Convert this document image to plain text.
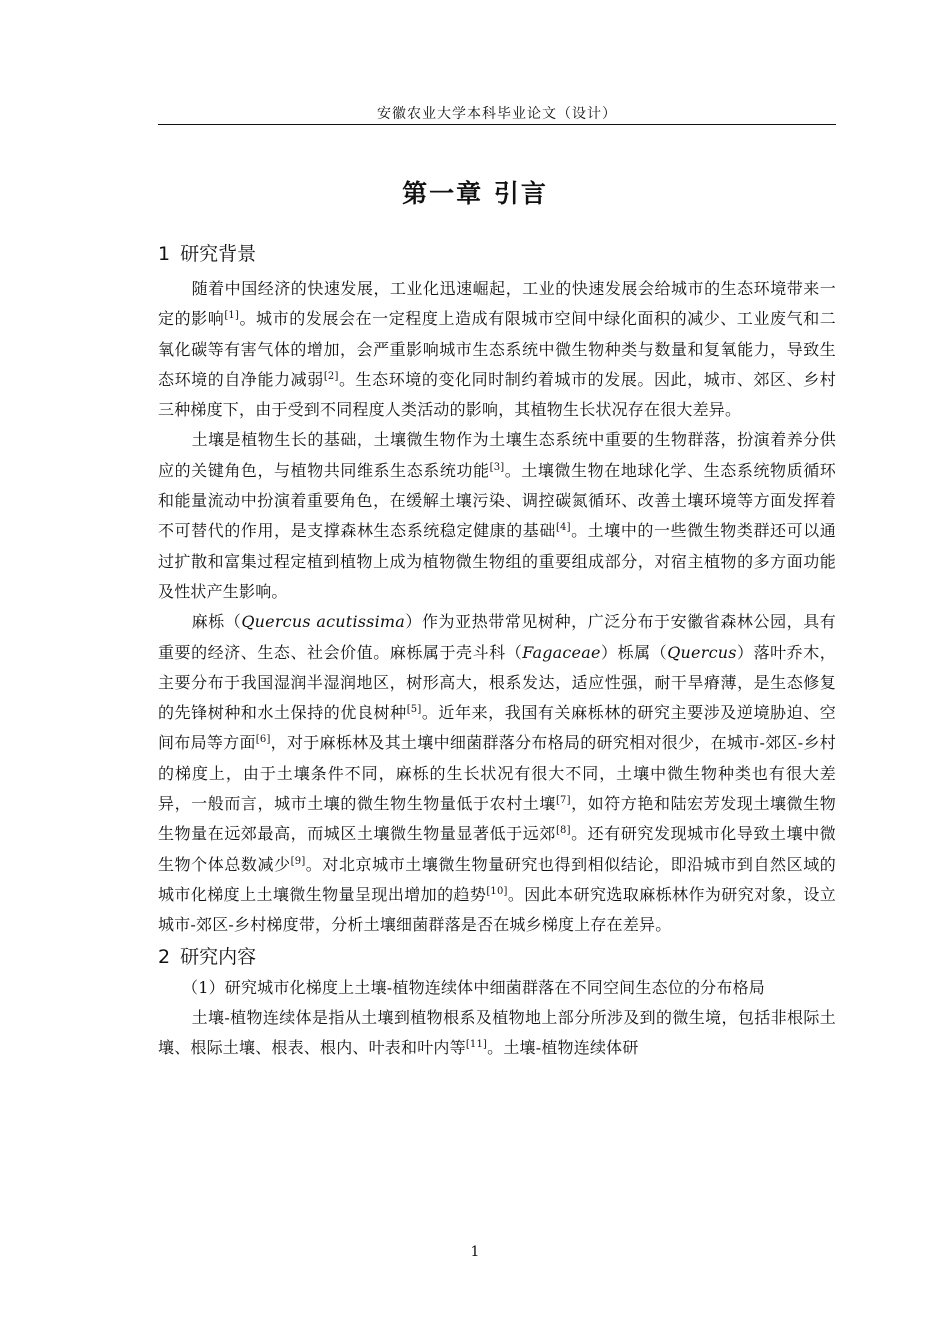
安徽农业大学本科毕业论文（设计）
第一章 引言
1 研究背景

随着中国经济的快速发展，工业化迅速崛起，工业的快速发展会给城市的生态环境带来一定的影响[1]。城市的发展会在一定程度上造成有限城市空间中绿化面积的减少、工业废气和二氧化碳等有害气体的增加，会严重影响城市生态系统中微生物种类与数量和复氧能力，导致生态环境的自净能力减弱[2]。生态环境的变化同时制约着城市的发展。因此，城市、郊区、乡村三种梯度下，由于受到不同程度人类活动的影响，其植物生长状况存在很大差异。

土壤是植物生长的基础，土壤微生物作为土壤生态系统中重要的生物群落，扮演着养分供应的关键角色，与植物共同维系生态系统功能[3]。土壤微生物在地球化学、生态系统物质循环和能量流动中扮演着重要角色，在缓解土壤污染、调控碳氮循环、改善土壤环境等方面发挥着不可替代的作用，是支撑森林生态系统稳定健康的基础[4]。土壤中的一些微生物类群还可以通过扩散和富集过程定植到植物上成为植物微生物组的重要组成部分，对宿主植物的多方面功能及性状产生影响。

麻栎（Quercus acutissima）作为亚热带常见树种，广泛分布于安徽省森林公园，具有重要的经济、生态、社会价值。麻栎属于壳斗科（Fagaceae）栎属（Quercus）落叶乔木，主要分布于我国湿润半湿润地区，树形高大，根系发达，适应性强，耐干旱瘠薄，是生态修复的先锋树种和水土保持的优良树种[5]。近年来，我国有关麻栎林的研究主要涉及逆境胁迫、空间布局等方面[6]，对于麻栎林及其土壤中细菌群落分布格局的研究相对很少，在城市-郊区-乡村的梯度上，由于土壤条件不同，麻栎的生长状况有很大不同，土壤中微生物种类也有很大差异，一般而言，城市土壤的微生物生物量低于农村土壤[7]，如符方艳和陆宏芳发现土壤微生物生物量在远郊最高，而城区土壤微生物量显著低于远郊[8]。还有研究发现城市化导致土壤中微生物个体总数减少[9]。对北京城市土壤微生物量研究也得到相似结论，即沿城市到自然区域的城市化梯度上土壤微生物量呈现出增加的趋势[10]。因此本研究选取麻栎林作为研究对象，设立城市-郊区-乡村梯度带，分析土壤细菌群落是否在城乡梯度上存在差异。

2 研究内容

（1）研究城市化梯度上土壤-植物连续体中细菌群落在不同空间生态位的分布格局

土壤-植物连续体是指从土壤到植物根系及植物地上部分所涉及到的微生境，包括非根际土壤、根际土壤、根表、根内、叶表和叶内等[11]。土壤-植物连续体研

1
